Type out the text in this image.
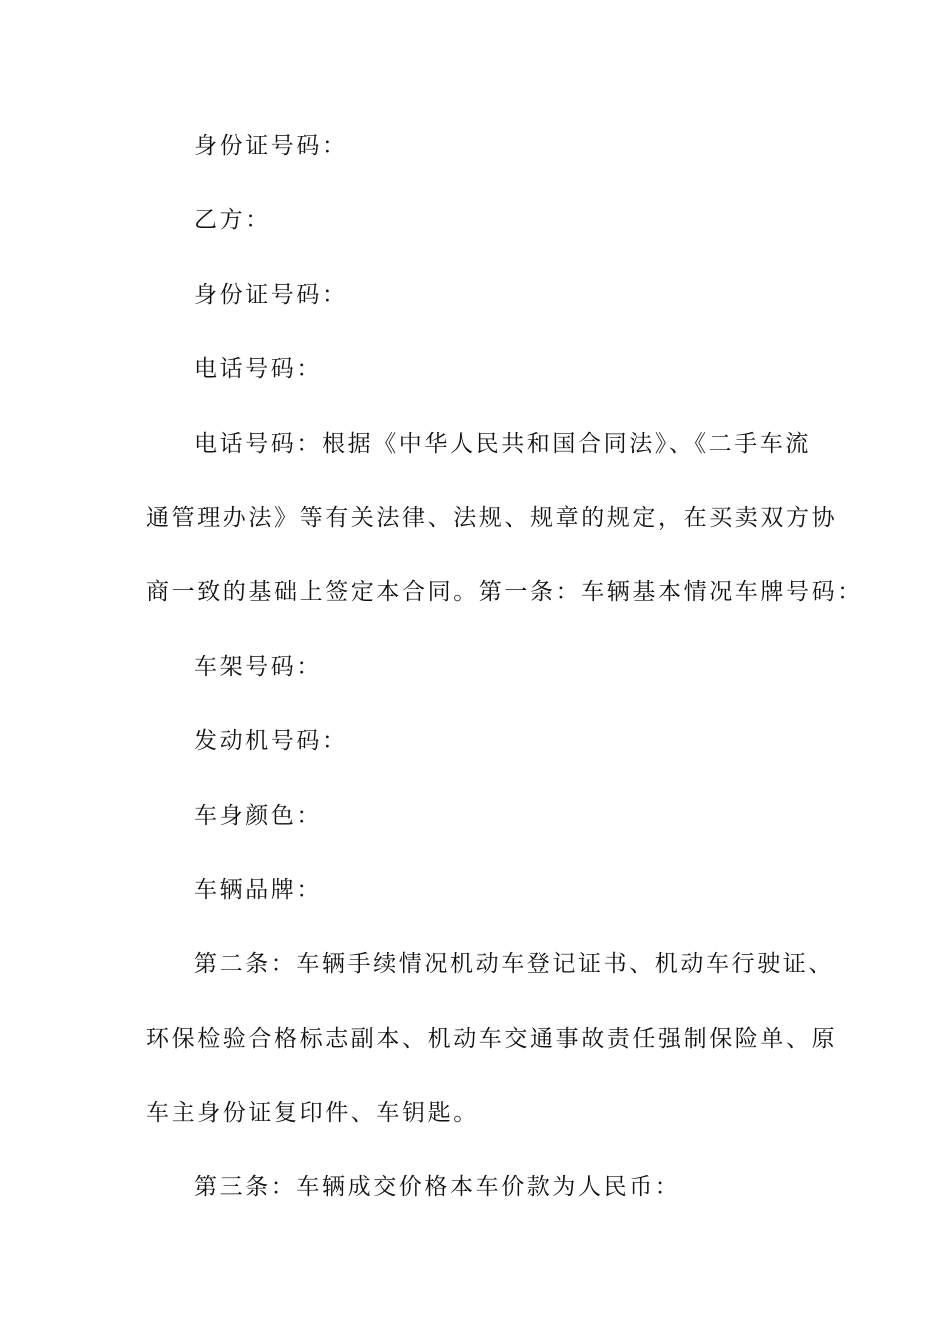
身份证号码：

乙方：

身份证号码：

电话号码：

电话号码：根据《中华人民共和国合同法》、《二手车流
通管理办法》等有关法律、法规、规章的规定，在买卖双方协
商一致的基础上签定本合同。第一条：车辆基本情况车牌号码：

车架号码：

发动机号码：

车身颜色：

车辆品牌：

第二条：车辆手续情况机动车登记证书、机动车行驶证、
环保检验合格标志副本、机动车交通事故责任强制保险单、原
车主身份证复印件、车钥匙。

第三条：车辆成交价格本车价款为人民币：
